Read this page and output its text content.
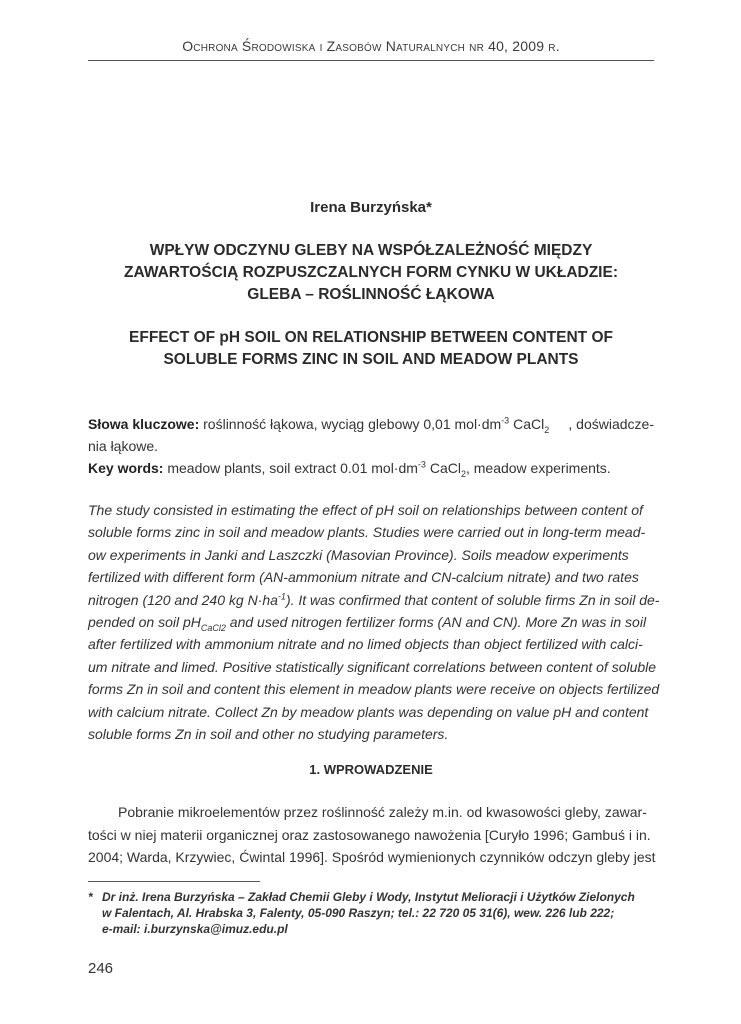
Ochrona Środowiska i Zasobów Naturalnych nr 40, 2009 r.
Irena Burzyńska*
WPŁYW ODCZYNU GLEBY NA WSPÓŁZALEŻNOŚĆ MIĘDZY
ZAWARTOŚCIĄ ROZPUSZCZALNYCH FORM CYNKU W UKŁADZIE:
GLEBA – ROŚLINNOŚĆ ŁĄKOWA
EFFECT OF pH SOIL ON RELATIONSHIP BETWEEN CONTENT OF
SOLUBLE FORMS ZINC IN SOIL AND MEADOW PLANTS
Słowa kluczowe: roślinność łąkowa, wyciąg glebowy 0,01 $mol\cdot dm^{-3}$ CaCl$_2$ , doświadcze-
nia łąkowe.
Key words: meadow plants, soil extract 0.01 $mol\cdot dm^{-3}$ CaCl$_2$, meadow experiments.
The study consisted in estimating the effect of pH soil on relationships between content of
soluble forms zinc in soil and meadow plants. Studies were carried out in long-term mead-
ow experiments in Janki and Laszczki (Masovian Province). Soils meadow experiments
fertilized with different form (AN-ammonium nitrate and CN-calcium nitrate) and two rates
nitrogen (120 and 240 kg $N\cdot ha^{-1}$). It was confirmed that content of soluble firms Zn in soil de-
pended on soil $pH_{CaCl2}$ and used nitrogen fertilizer forms (AN and CN). More Zn was in soil
after fertilized with ammonium nitrate and no limed objects than object fertilized with calci-
um nitrate and limed. Positive statistically significant correlations between content of soluble
forms Zn in soil and content this element in meadow plants were receive on objects fertilized
with calcium nitrate. Collect Zn by meadow plants was depending on value pH and content
soluble forms Zn in soil and other no studying parameters.
1. WPROWADZENIE
Pobranie mikroelementów przez roślinność zależy m.in. od kwasowości gleby, zawar-
tości w niej materii organicznej oraz zastosowanego nawożenia [Curyło 1996; Gambuś i in.
2004; Warda, Krzywiec, Ćwintal 1996]. Spośród wymienionych czynników odczyn gleby jest
* Dr inż. Irena Burzyńska – Zakład Chemii Gleby i Wody, Instytut Melioracji i Użytków Zielonych
w Falentach, Al. Hrabska 3, Falenty, 05-090 Raszyn; tel.: 22 720 05 31(6), wew. 226 lub 222;
e-mail: i.burzynska@imuz.edu.pl
246
